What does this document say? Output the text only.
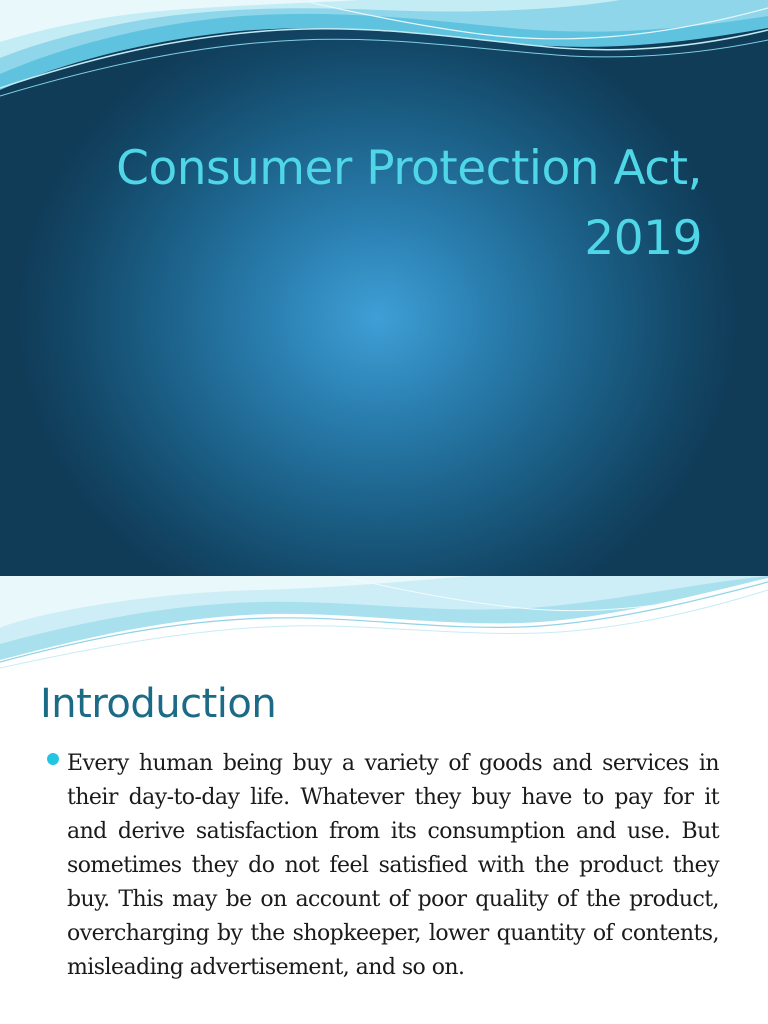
Consumer Protection Act, 2019
Introduction

Every human being buy a variety of goods and services in their day-to-day life. Whatever they buy have to pay for it and derive satisfaction from its consumption and use. But sometimes they do not feel satisfied with the product they buy. This may be on account of poor quality of the product, overcharging by the shopkeeper, lower quantity of contents, misleading advertisement, and so on.
